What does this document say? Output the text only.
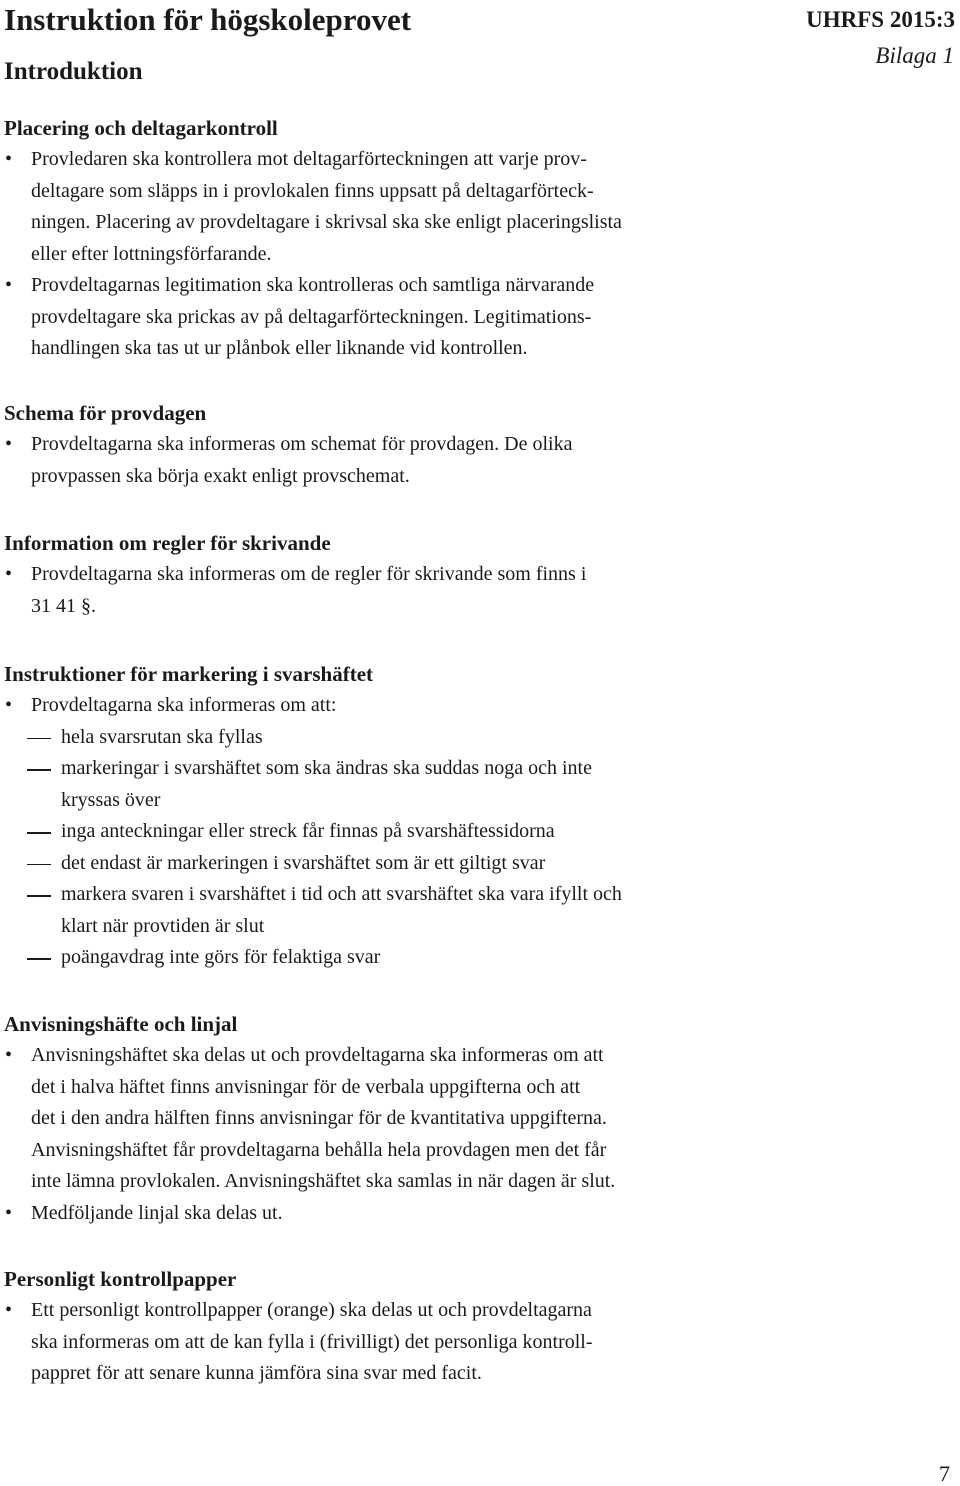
Instruktion för högskoleprovet
Introduktion
UHRFS 2015:3
Bilaga 1
Placering och deltagarkontroll
• Provledaren ska kontrollera mot deltagarförteckningen att varje prov-
deltagare som släpps in i provlokalen finns uppsatt på deltagarförteck-
ningen. Placering av provdeltagare i skrivsal ska ske enligt placeringslista
eller efter lottningsförfarande.
• Provdeltagarnas legitimation ska kontrolleras och samtliga närvarande
provdeltagare ska prickas av på deltagarförteckningen. Legitimations-
handlingen ska tas ut ur plånbok eller liknande vid kontrollen.
Schema för provdagen
• Provdeltagarna ska informeras om schemat för provdagen. De olika
provpassen ska börja exakt enligt provschemat.
Information om regler för skrivande
• Provdeltagarna ska informeras om de regler för skrivande som finns i
31 41 §.
Instruktioner för markering i svarshäftet
• Provdeltagarna ska informeras om att:
hela svarsrutan ska fyllas
markeringar i svarshäftet som ska ändras ska suddas noga och inte
kryssas över
inga anteckningar eller streck får finnas på svarshäftessidorna
det endast är markeringen i svarshäftet som är ett giltigt svar
markera svaren i svarshäftet i tid och att svarshäftet ska vara ifyllt och
klart när provtiden är slut
poängavdrag inte görs för felaktiga svar
Anvisningshäfte och linjal
• Anvisningshäftet ska delas ut och provdeltagarna ska informeras om att
det i halva häftet finns anvisningar för de verbala uppgifterna och att
det i den andra hälften finns anvisningar för de kvantitativa uppgifterna.
Anvisningshäftet får provdeltagarna behålla hela provdagen men det får
inte lämna provlokalen. Anvisningshäftet ska samlas in när dagen är slut.
• Medföljande linjal ska delas ut.
Personligt kontrollpapper
• Ett personligt kontrollpapper (orange) ska delas ut och provdeltagarna
ska informeras om att de kan fylla i (frivilligt) det personliga kontroll-
pappret för att senare kunna jämföra sina svar med facit.
7
